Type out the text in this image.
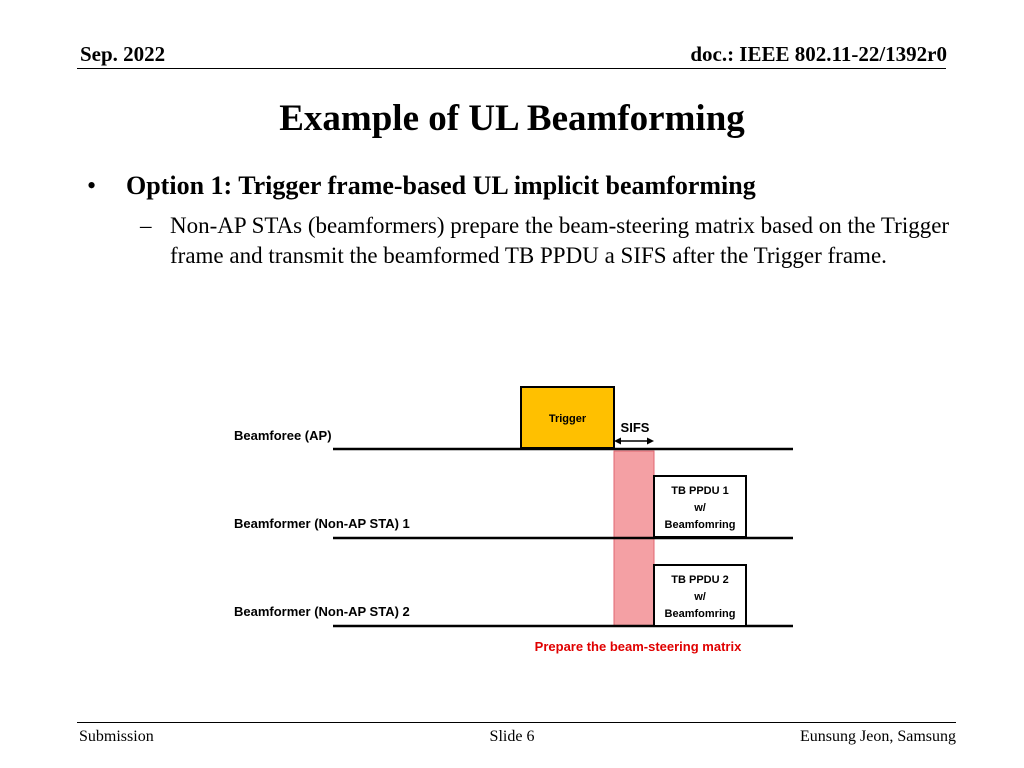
Sep. 2022	doc.: IEEE 802.11-22/1392r0
Example of UL Beamforming
• Option 1: Trigger frame-based UL implicit beamforming
– Non-AP STAs (beamformers) prepare the beam-steering matrix based on the Trigger frame and transmit the beamformed TB PPDU a SIFS after the Trigger frame.
Beamforee (AP)
Beamformer (Non-AP STA) 1
Beamformer (Non-AP STA) 2
Trigger
SIFS
TB PPDU 1
w/
Beamfomring
TB PPDU 2
w/
Beamfomring
Prepare the beam-steering matrix
Submission	Slide 6	Eunsung Jeon, Samsung
